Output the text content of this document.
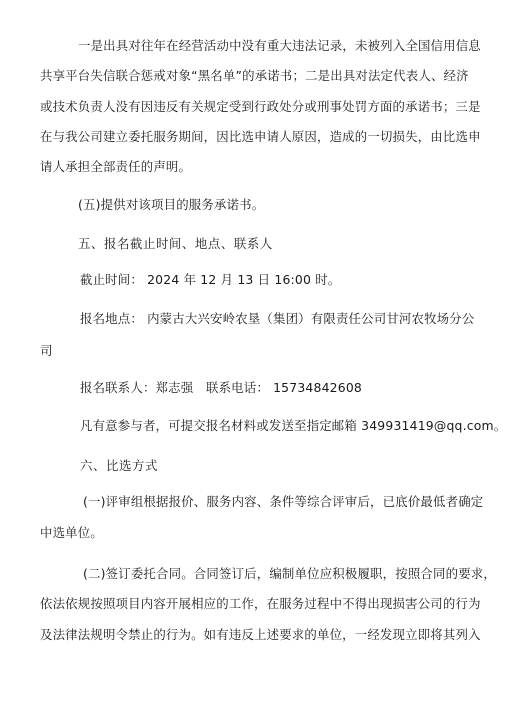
一是出具对往年在经营活动中没有重大违法记录，未被列入全国信用信息
共享平台失信联合惩戒对象“黑名单”的承诺书；二是出具对法定代表人、经济
或技术负责人没有因违反有关规定受到行政处分或刑事处罚方面的承诺书；三是
在与我公司建立委托服务期间，因比选申请人原因，造成的一切损失，由比选申
请人承担全部责任的声明。
(五)提供对该项目的服务承诺书。
五、报名截止时间、地点、联系人
截止时间： 2024 年 12 月 13 日 16:00 时。
报名地点： 内蒙古大兴安岭农垦（集团）有限责任公司甘河农牧场分公
司
报名联系人：郑志强 联系电话： 15734842608
凡有意参与者，可提交报名材料或发送至指定邮箱 349931419@qq.com。
六、比选方式
(一)评审组根据报价、服务内容、条件等综合评审后，已底价最低者确定
中选单位。
(二)签订委托合同。合同签订后，编制单位应积极履职，按照合同的要求，
依法依规按照项目内容开展相应的工作，在服务过程中不得出现损害公司的行为
及法律法规明令禁止的行为。如有违反上述要求的单位，一经发现立即将其列入
